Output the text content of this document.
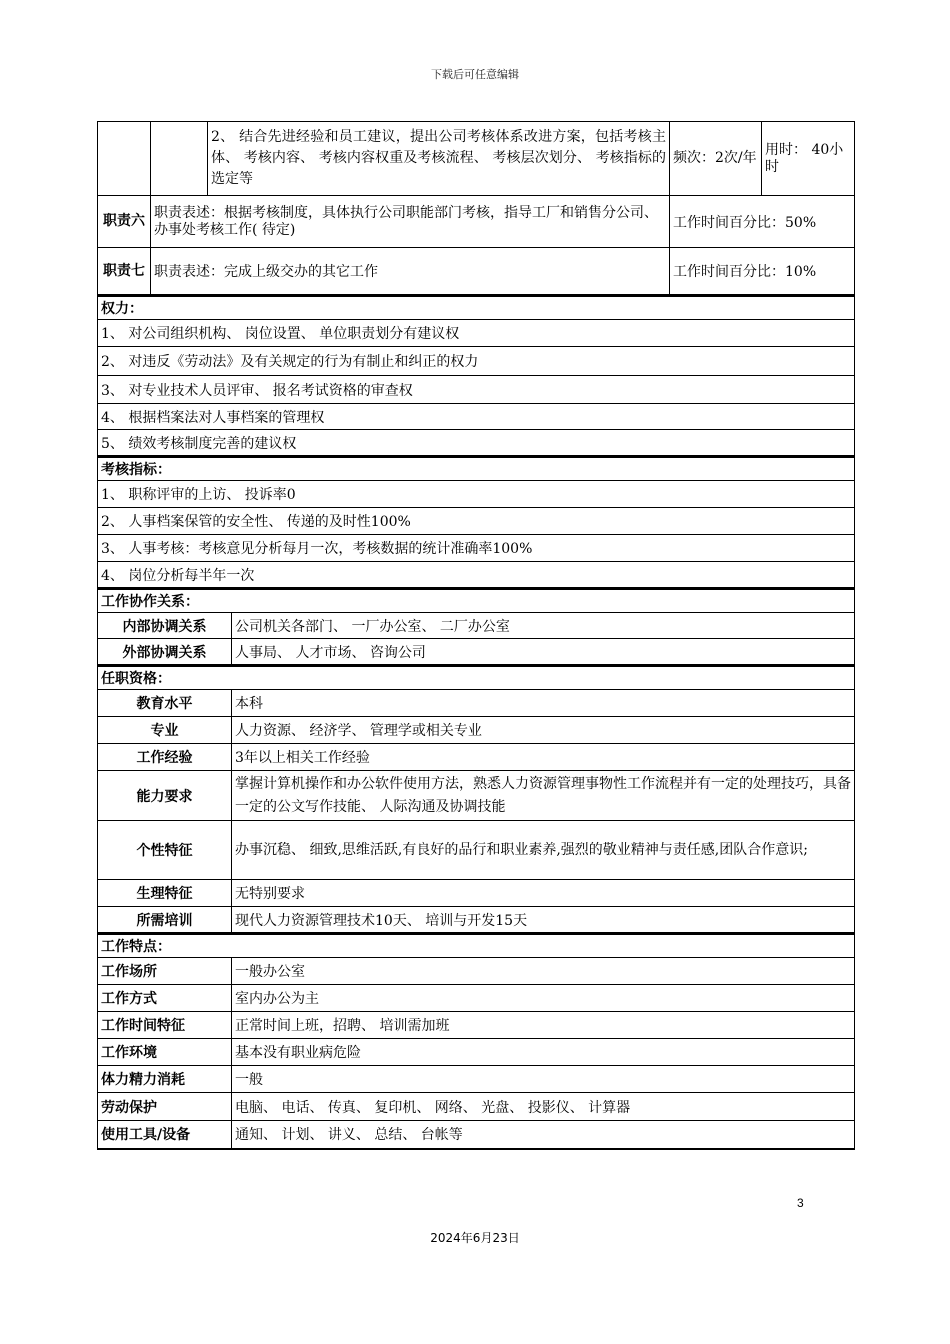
下载后可任意编辑
		2、 结合先进经验和员工建议，提出公司考核体系改进方案，包括考核主体、 考核内容、 考核内容权重及考核流程、 考核层次划分、 考核指标的选定等		频次：2次/年	用时： 40小时
职责六	职责表述：根据考核制度，具体执行公司职能部门考核，指导工厂和销售分公司、 办事处考核工作( 待定)			工作时间百分比：50%	
职责七	职责表述：完成上级交办的其它工作			工作时间百分比：10%	
权力：					
1、 对公司组织机构、 岗位设置、 单位职责划分有建议权					
2、 对违反《劳动法》及有关规定的行为有制止和纠正的权力					
3、 对专业技术人员评审、 报名考试资格的审查权					
4、 根据档案法对人事档案的管理权					
5、 绩效考核制度完善的建议权					
考核指标：					
1、 职称评审的上访、 投诉率0					
2、 人事档案保管的安全性、 传递的及时性100%					
3、 人事考核：考核意见分析每月一次，考核数据的统计准确率100%					
4、 岗位分析每半年一次					
工作协作关系：					
内部协调关系			公司机关各部门、 一厂办公室、 二厂办公室		
外部协调关系			人事局、 人才市场、 咨询公司		
任职资格：					
教育水平			本科		
专业			人力资源、 经济学、 管理学或相关专业		
工作经验			3年以上相关工作经验		
能力要求			掌握计算机操作和办公软件使用方法，熟悉人力资源管理事物性工作流程并有一定的处理技巧，具备一定的公文写作技能、 人际沟通及协调技能		
个性特征			办事沉稳、 细致,思维活跃,有良好的品行和职业素养,强烈的敬业精神与责任感,团队合作意识;		
生理特征			无特别要求		
所需培训			现代人力资源管理技术10天、 培训与开发15天		
工作特点：					
工作场所			一般办公室		
工作方式			室内办公为主		
工作时间特征			正常时间上班，招聘、 培训需加班		
工作环境			基本没有职业病危险		
体力精力消耗			一般		
劳动保护			电脑、 电话、 传真、 复印机、 网络、 光盘、 投影仪、 计算器		
使用工具/设备			通知、 计划、 讲义、 总结、 台帐等		
3
2024年6月23日
